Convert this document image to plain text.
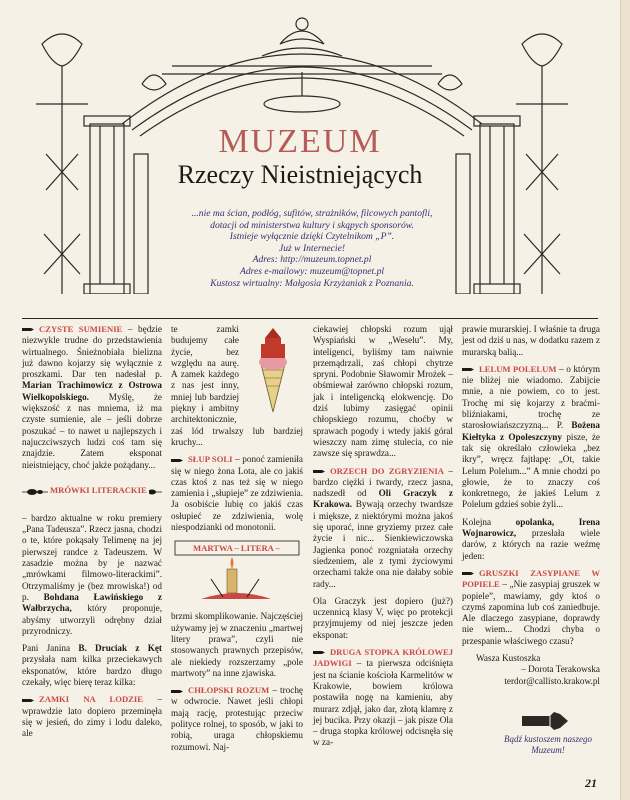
MUZEUM
Rzeczy Nieistniejących
...nie ma ścian, podłóg, sufitów, strażników, filcowych pantofli,
dotacji od ministerstwa kultury i skąpych sponsorów.
Istnieje wyłącznie dzięki Czytelnikom „P”.
Już w Internecie!
Adres: http://muzeum.topnet.pl
Adres e-mailowy: muzeum@topnet.pl
Kustosz wirtualny: Małgosia Krzyżaniak z Poznania.

CZYSTE SUMIENIE – będzie niezwykle trudne do przedstawienia wirtualnego. Śnieżnobiała bielizna już dawno kojarzy się wyłącznie z proszkami. Dar ten nadesłał p. Marian Trachimowicz z Ostrowa Wielkopolskiego. Myślę, że większość z nas mniema, iż ma czyste sumienie, ale – jeśli dobrze poszukać – to nawet u najlepszych i najuczciwszych ludzi coś tam się znajdzie. Zatem eksponat nieistniejący, choć jakże pożądany...

MRÓWKI LITERACKIE

– bardzo aktualne w roku premiery „Pana Tadeusza”. Rzecz jasna, chodzi o te, które pokąsały Telimenę na jej pierwszej randce z Tadeuszem. W zasadzie można by je nazwać „mrówkami filmowo-literackimi”. Otrzymaliśmy je (bez mrowiska!) od p. Bohdana Ławińskiego z Wałbrzycha, który proponuje, abyśmy utworzyli odrębny dział przyrodniczy.

Pani Janina B. Druciak z Kęt przysłała nam kilka przeciekawych eksponatów, które bardzo długo czekały, więc bierę teraz kilka:

ZAMKI NA LODZIE – wprawdzie lato dopiero przeminęła się w jesień, do zimy i lodu daleko, ale

te zamki budujemy całe życie, bez względu na aurę. A zamek każdego z nas jest inny, mniej lub bardziej piękny i ambitny architektonicznie, zaś lód trwalszy lub bardziej kruchy...

SŁUP SOLI – ponoć zamieniła się w niego żona Lota, ale co jakiś czas ktoś z nas też się w niego zamienia i „słupieje” ze zdziwienia. Ja osobiście lubię co jakiś czas osłupieć ze zdziwienia, wolę niespodzianki od monotonii.

MARTWA – LITERA –

brzmi skomplikowanie. Najczęściej używamy jej w znaczeniu „martwej litery prawa”, czyli nie stosowanych prawnych przepisów, ale niekiedy rozszerzamy „pole martwoty” na inne zjawiska.

CHŁOPSKI ROZUM – trochę w odwrocie. Nawet jeśli chłopi mają rację, protestując przeciw polityce rolnej, to sposób, w jaki to robią, uraga chłopskiemu rozumowi. Naj-

ciekawiej chłopski rozum ujął Wyspiański w „Weselu”. My, inteligenci, byliśmy tam naiwnie przemądrzali, zaś chłopi chytrze spryni. Podobnie Sławomir Mrożek – obśmiewał zarówno chłopski rozum, jak i inteligencką elokwencję. Do dziś lubimy zasięgać opinii chłopskiego rozumu, choćby w sprawach pogody i wtedy jakiś góral wieszczy nam zimę stulecia, co nie zawsze się sprawdza...

ORZECH DO ZGRYZIENIA – bardzo ciężki i twardy, rzecz jasna, nadszedł od Oli Graczyk z Krakowa. Bywają orzechy twardsze i miększe, z niektórymi można jakoś się uporać, inne gryziemy przez całe życie i nic... Sienkiewiczowska Jagienka ponoć rozgniatała orzechy siedzeniem, ale z tymi życiowymi orzechami także ona nie dałaby sobie rady...

Ola Graczyk jest dopiero (już?) uczennicą klasy V, więc po protekcji przyjmujemy od niej jeszcze jeden eksponat:

DRUGA STOPKA KRÓLOWEJ JADWIGI – ta pierwsza odciśnięta jest na ścianie kościoła Karmelitów w Krakowie, bowiem królowa postawiła nogę na kamieniu, aby murarz zdjął, jako dar, złotą klamrę z jej bucika. Przy okazji – jak pisze Ola – druga stopka królowej odcisnęła się w za-

prawie murarskiej. I właśnie ta druga jest od dziś u nas, w dodatku razem z murarską balią...

LELUM POLELUM – o którym nie bliżej nie wiadomo. Zabijcie mnie, a nie powiem, co to jest. Trochę mi się kojarzy z braćmi-bliźniakami, trochę ze starosłowiańszczyzną... P. Bożena Kiełtyka z Opoleszczyny pisze, że tak się określało człowieka „bez ikry”, wręcz fajtłapę: „Ot, takie Lelum Polelum...” A mnie chodzi po głowie, że to znaczy coś konkretnego, że jakieś Lelum z Polelum gdzieś sobie żyli...

Kolejna opolanka, Irena Wojnarowicz, przesłała wiele darów, z których na razie weźmę jeden:

GRUSZKI ZASYPIANE W POPIELE – „Nie zasypiaj gruszek w popiele”, mawiamy, gdy ktoś o czymś zapomina lub coś zaniedbuje. Ale dlaczego zasypiane, doprawdy nie wiem... Chodzi chyba o przespanie właściwego czasu?

Wasza Kustoszka
– Dorota Terakowska
terdor@callisto.krakow.pl

Bądź kustoszem naszego Muzeum!
21
